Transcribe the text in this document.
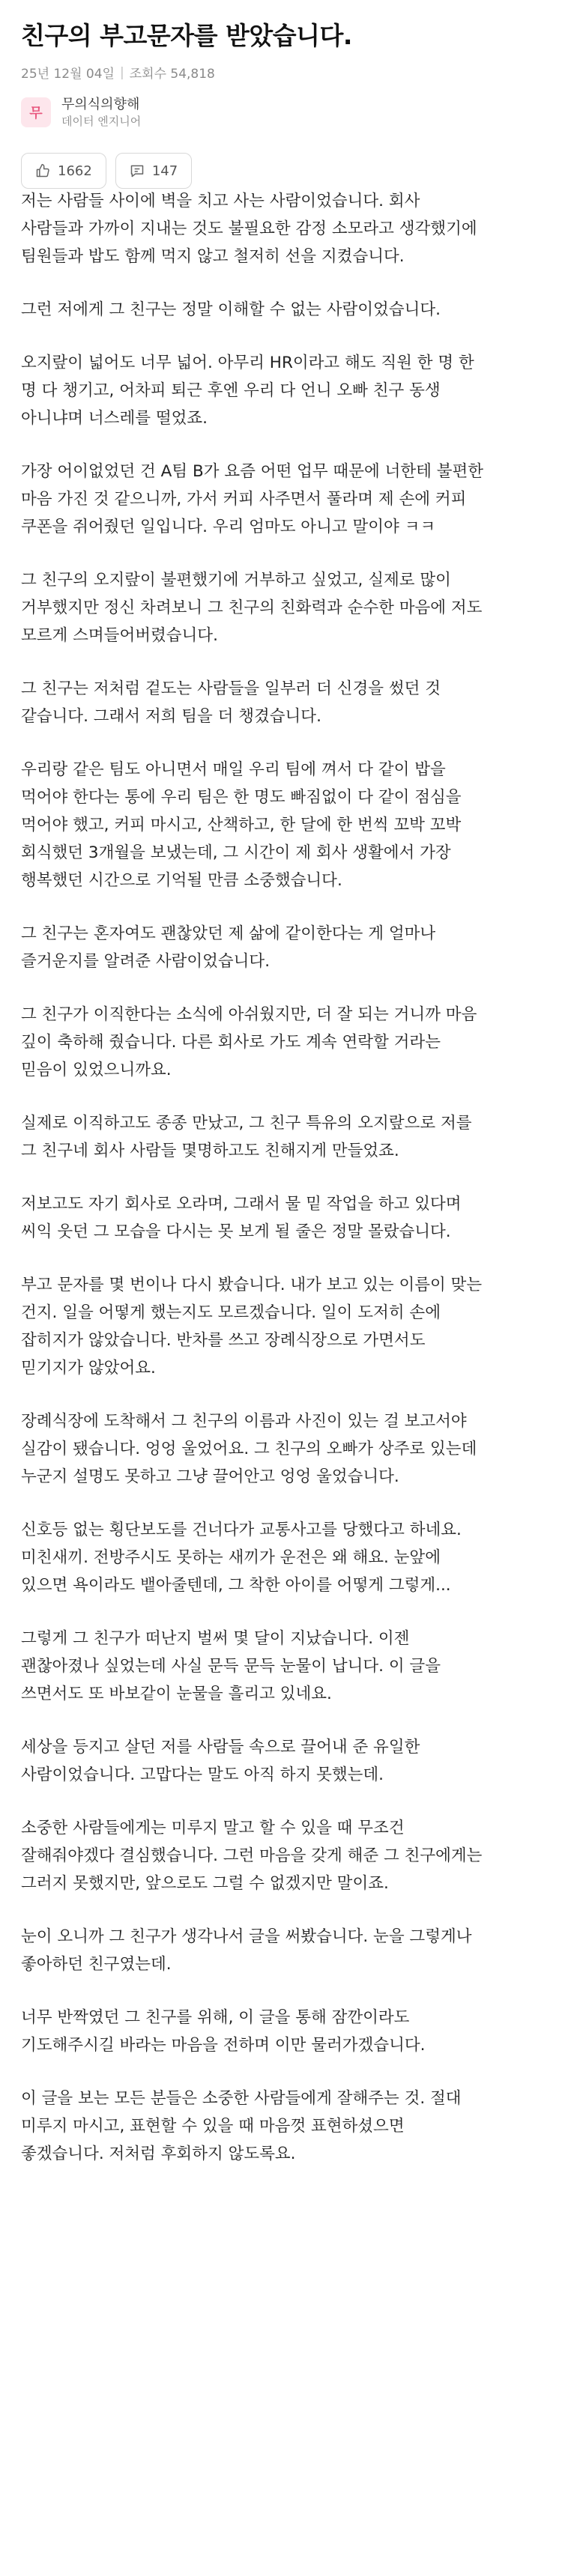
친구의 부고문자를 받았습니다.
25년 12월 04일 | 조회수 54,818
무
무의식의향해
데이터 엔지니어
1662	147

저는 사람들 사이에 벽을 치고 사는 사람이었습니다. 회사
사람들과 가까이 지내는 것도 불필요한 감정 소모라고 생각했기에
팀원들과 밥도 함께 먹지 않고 철저히 선을 지켰습니다.

그런 저에게 그 친구는 정말 이해할 수 없는 사람이었습니다.

오지랖이 넓어도 너무 넓어. 아무리 HR이라고 해도 직원 한 명 한
명 다 챙기고, 어차피 퇴근 후엔 우리 다 언니 오빠 친구 동생
아니냐며 너스레를 떨었죠.

가장 어이없었던 건 A팀 B가 요즘 어떤 업무 때문에 너한테 불편한
마음 가진 것 같으니까, 가서 커피 사주면서 풀라며 제 손에 커피
쿠폰을 쥐어줬던 일입니다. 우리 엄마도 아니고 말이야 ㅋㅋ

그 친구의 오지랖이 불편했기에 거부하고 싶었고, 실제로 많이
거부했지만 정신 차려보니 그 친구의 친화력과 순수한 마음에 저도
모르게 스며들어버렸습니다.

그 친구는 저처럼 겉도는 사람들을 일부러 더 신경을 썼던 것
같습니다. 그래서 저희 팀을 더 챙겼습니다.

우리랑 같은 팀도 아니면서 매일 우리 팀에 껴서 다 같이 밥을
먹어야 한다는 통에 우리 팀은 한 명도 빠짐없이 다 같이 점심을
먹어야 했고, 커피 마시고, 산책하고, 한 달에 한 번씩 꼬박 꼬박
회식했던 3개월을 보냈는데, 그 시간이 제 회사 생활에서 가장
행복했던 시간으로 기억될 만큼 소중했습니다.

그 친구는 혼자여도 괜찮았던 제 삶에 같이한다는 게 얼마나
즐거운지를 알려준 사람이었습니다.

그 친구가 이직한다는 소식에 아쉬웠지만, 더 잘 되는 거니까 마음
깊이 축하해 줬습니다. 다른 회사로 가도 계속 연락할 거라는
믿음이 있었으니까요.

실제로 이직하고도 종종 만났고, 그 친구 특유의 오지랖으로 저를
그 친구네 회사 사람들 몇명하고도 친해지게 만들었죠.

저보고도 자기 회사로 오라며, 그래서 물 밑 작업을 하고 있다며
씨익 웃던 그 모습을 다시는 못 보게 될 줄은 정말 몰랐습니다.

부고 문자를 몇 번이나 다시 봤습니다. 내가 보고 있는 이름이 맞는
건지. 일을 어떻게 했는지도 모르겠습니다. 일이 도저히 손에
잡히지가 않았습니다. 반차를 쓰고 장례식장으로 가면서도
믿기지가 않았어요.

장례식장에 도착해서 그 친구의 이름과 사진이 있는 걸 보고서야
실감이 됐습니다. 엉엉 울었어요. 그 친구의 오빠가 상주로 있는데
누군지 설명도 못하고 그냥 끌어안고 엉엉 울었습니다.

신호등 없는 횡단보도를 건너다가 교통사고를 당했다고 하네요.
미친새끼. 전방주시도 못하는 새끼가 운전은 왜 해요. 눈앞에
있으면 욕이라도 뱉아줄텐데, 그 착한 아이를 어떻게 그렇게...

그렇게 그 친구가 떠난지 벌써 몇 달이 지났습니다. 이젠
괜찮아졌나 싶었는데 사실 문득 문득 눈물이 납니다. 이 글을
쓰면서도 또 바보같이 눈물을 흘리고 있네요.

세상을 등지고 살던 저를 사람들 속으로 끌어내 준 유일한
사람이었습니다. 고맙다는 말도 아직 하지 못했는데.

소중한 사람들에게는 미루지 말고 할 수 있을 때 무조건
잘해줘야겠다 결심했습니다. 그런 마음을 갖게 해준 그 친구에게는
그러지 못했지만, 앞으로도 그럴 수 없겠지만 말이죠.

눈이 오니까 그 친구가 생각나서 글을 써봤습니다. 눈을 그렇게나
좋아하던 친구였는데.

너무 반짝였던 그 친구를 위해, 이 글을 통해 잠깐이라도
기도해주시길 바라는 마음을 전하며 이만 물러가겠습니다.

이 글을 보는 모든 분들은 소중한 사람들에게 잘해주는 것. 절대
미루지 마시고, 표현할 수 있을 때 마음껏 표현하셨으면
좋겠습니다. 저처럼 후회하지 않도록요.
